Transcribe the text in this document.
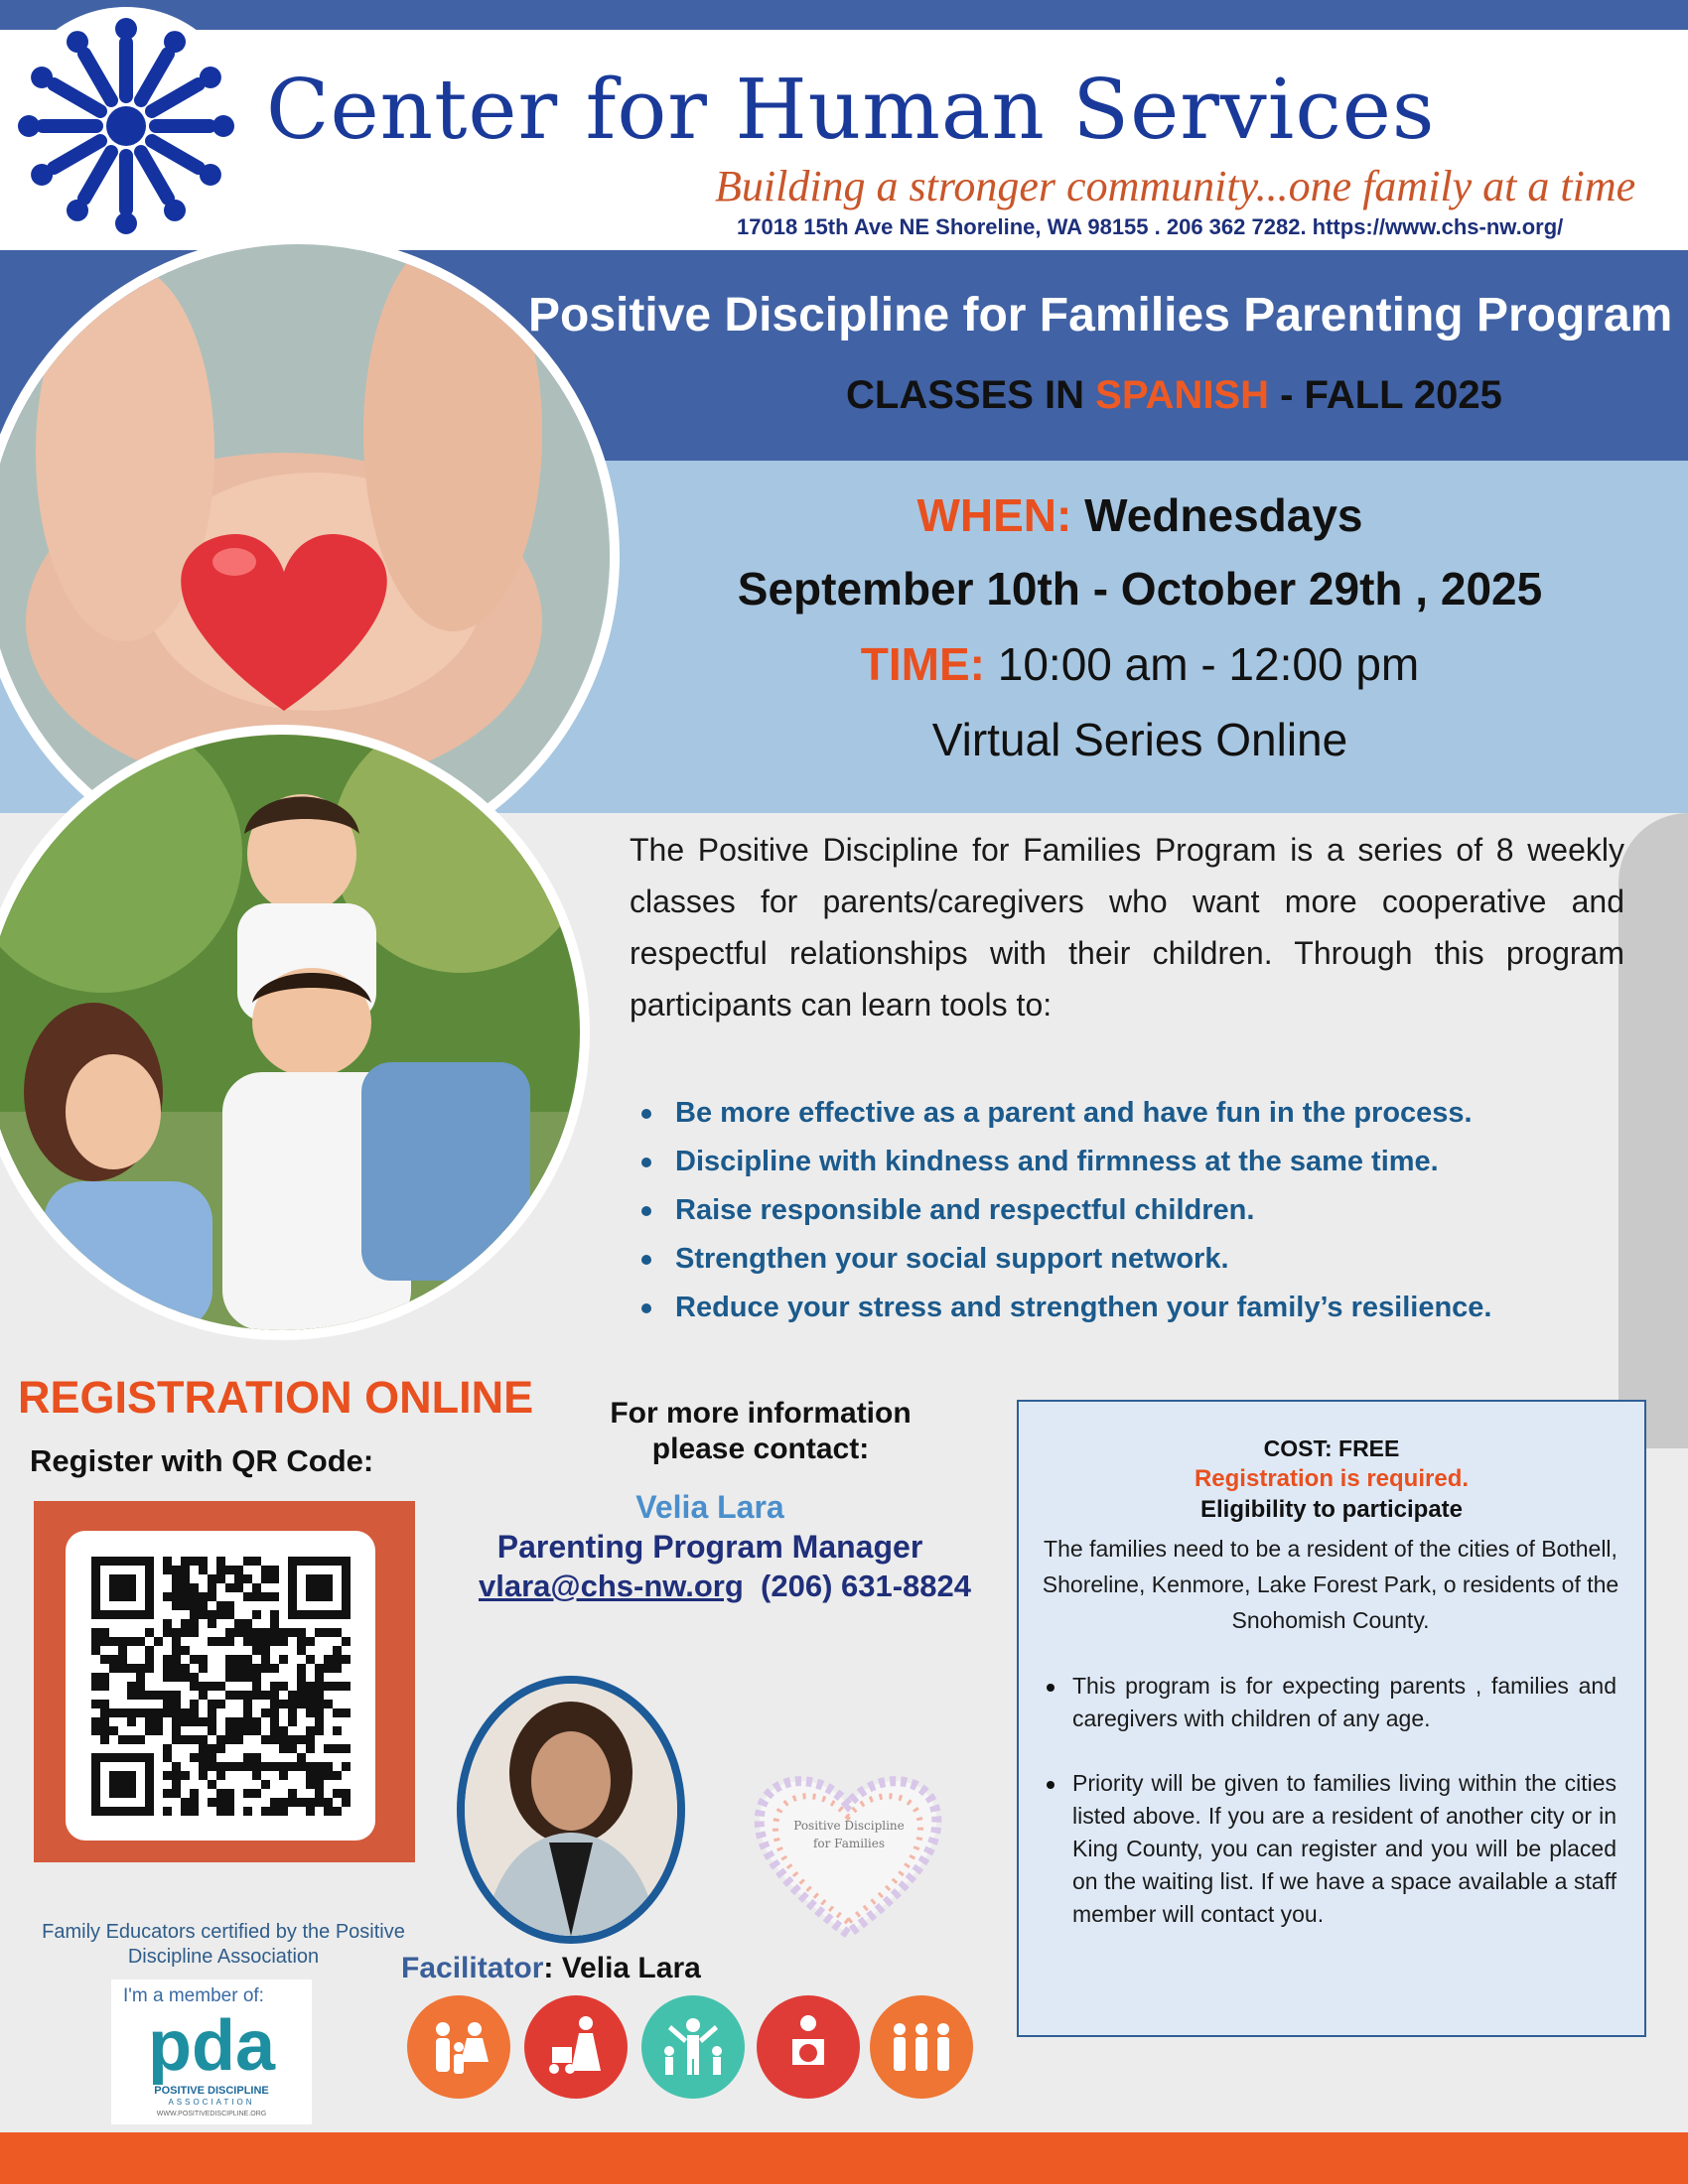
Center for Human Services
Building a stronger community...one family at a time
17018 15th Ave NE Shoreline, WA 98155 . 206 362 7282. https://www.chs-nw.org/
Positive Discipline for Families Parenting Program
CLASSES IN SPANISH - FALL 2025
WHEN: Wednesdays
September 10th - October 29th , 2025
TIME: 10:00 am - 12:00 pm
Virtual Series Online

The Positive Discipline for Families Program is a series of 8 weekly classes for parents/caregivers who want more cooperative and respectful relationships with their children. Through this program participants can learn tools to:

Be more effective as a parent and have fun in the process.
Discipline with kindness and firmness at the same time.
Raise responsible and respectful children.
Strengthen your social support network.
Reduce your stress and strengthen your family’s resilience.
REGISTRATION ONLINE
Register with QR Code:
For more information please contact:
Velia Lara
Parenting Program Manager
vlara@chs-nw.org (206) 631-8824
Facilitator: Velia Lara
Positive Discipline
for Families
Family Educators certified by the Positive Discipline Association
I'm a member of:
pda
POSITIVE DISCIPLINE
ASSOCIATION
WWW.POSITIVEDISCIPLINE.ORG
COST: FREE
Registration is required.
Eligibility to participate
The families need to be a resident of the cities of Bothell, Shoreline, Kenmore, Lake Forest Park, o residents of the Snohomish County.
This program is for expecting parents , families and caregivers with children of any age.
Priority will be given to families living within the cities listed above. If you are a resident of another city or in King County, you can register and you will be placed on the waiting list. If we have a space available a staff member will contact you.
